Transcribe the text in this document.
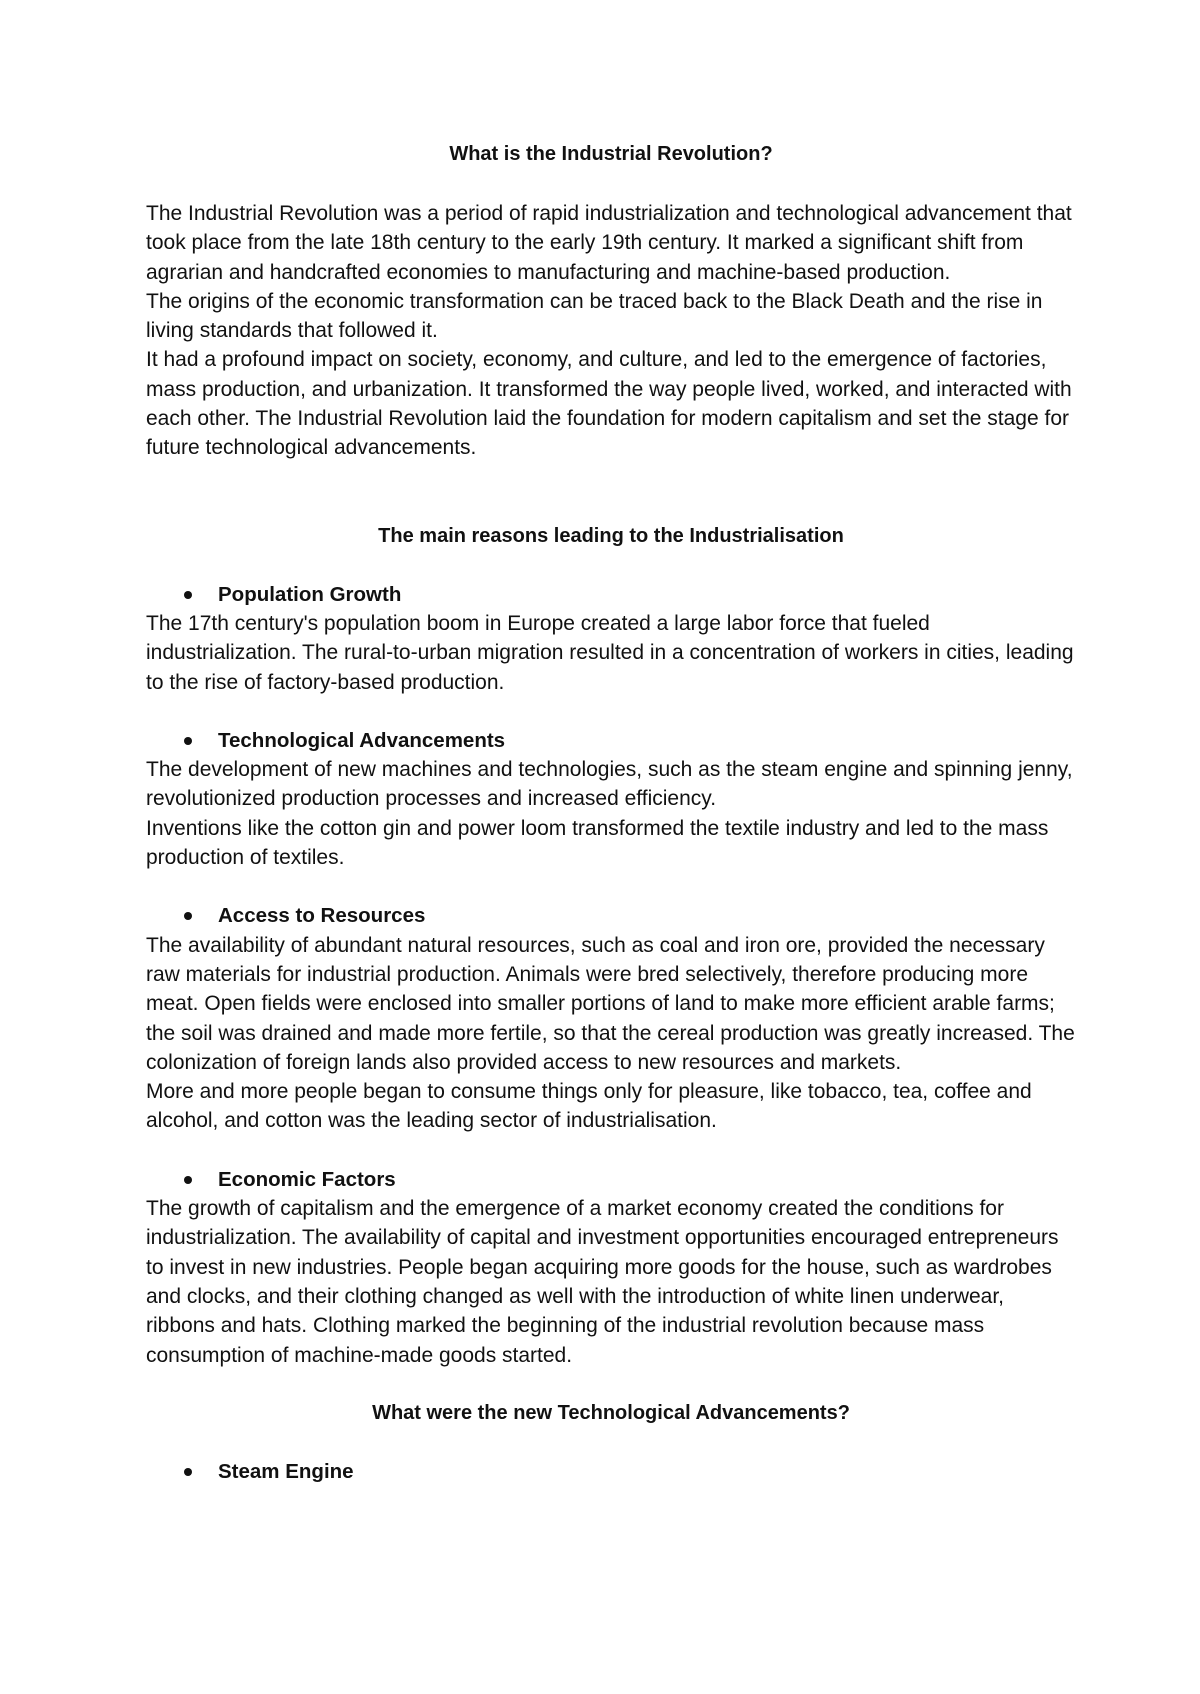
What is the Industrial Revolution?

The Industrial Revolution was a period of rapid industrialization and technological advancement that took place from the late 18th century to the early 19th century. It marked a significant shift from agrarian and handcrafted economies to manufacturing and machine-based production.

The origins of the economic transformation can be traced back to the Black Death and the rise in living standards that followed it.

It had a profound impact on society, economy, and culture, and led to the emergence of factories, mass production, and urbanization. It transformed the way people lived, worked, and interacted with each other. The Industrial Revolution laid the foundation for modern capitalism and set the stage for future technological advancements.

The main reasons leading to the Industrialisation
Population Growth

The 17th century's population boom in Europe created a large labor force that fueled industrialization. The rural-to-urban migration resulted in a concentration of workers in cities, leading to the rise of factory-based production.

Technological Advancements

The development of new machines and technologies, such as the steam engine and spinning jenny, revolutionized production processes and increased efficiency.

Inventions like the cotton gin and power loom transformed the textile industry and led to the mass production of textiles.

Access to Resources

The availability of abundant natural resources, such as coal and iron ore, provided the necessary raw materials for industrial production. Animals were bred selectively, therefore producing more meat. Open fields were enclosed into smaller portions of land to make more efficient arable farms; the soil was drained and made more fertile, so that the cereal production was greatly increased. The colonization of foreign lands also provided access to new resources and markets.

More and more people began to consume things only for pleasure, like tobacco, tea, coffee and alcohol, and cotton was the leading sector of industrialisation.

Economic Factors

The growth of capitalism and the emergence of a market economy created the conditions for industrialization. The availability of capital and investment opportunities encouraged entrepreneurs to invest in new industries. People began acquiring more goods for the house, such as wardrobes and clocks, and their clothing changed as well with the introduction of white linen underwear, ribbons and hats. Clothing marked the beginning of the industrial revolution because mass consumption of machine-made goods started.

What were the new Technological Advancements?
Steam Engine
